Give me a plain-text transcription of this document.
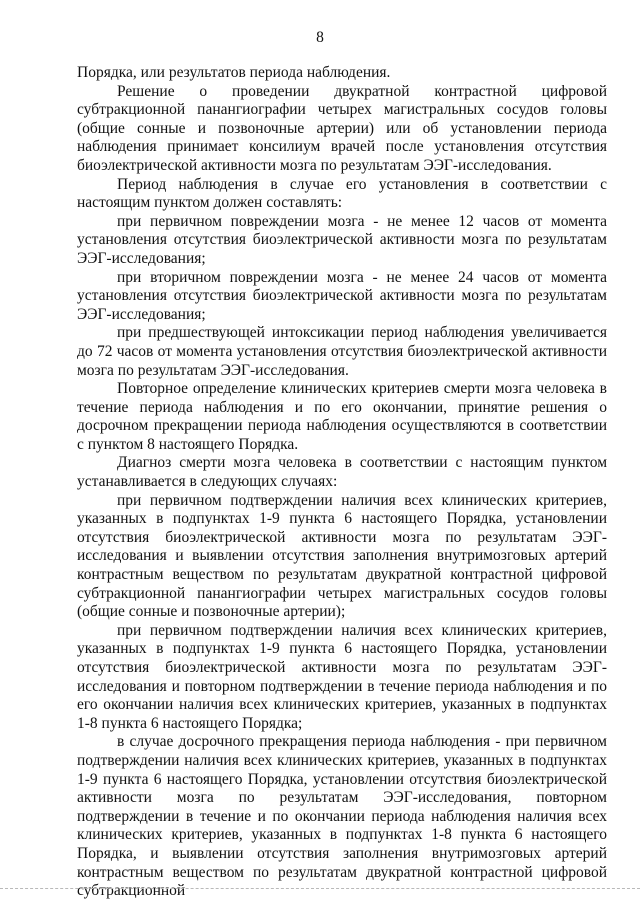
8

Порядка, или результатов периода наблюдения.

Решение о проведении двукратной контрастной цифровой субтракционной панангиографии четырех магистральных сосудов головы (общие сонные и позвоночные артерии) или об установлении периода наблюдения принимает консилиум врачей после установления отсутствия биоэлектрической активности мозга по результатам ЭЭГ-исследования.

Период наблюдения в случае его установления в соответствии с настоящим пунктом должен составлять:

при первичном повреждении мозга - не менее 12 часов от момента установления отсутствия биоэлектрической активности мозга по результатам ЭЭГ-исследования;

при вторичном повреждении мозга - не менее 24 часов от момента установления отсутствия биоэлектрической активности мозга по результатам ЭЭГ-исследования;

при предшествующей интоксикации период наблюдения увеличивается до 72 часов от момента установления отсутствия биоэлектрической активности мозга по результатам ЭЭГ-исследования.

Повторное определение клинических критериев смерти мозга человека в течение периода наблюдения и по его окончании, принятие решения о досрочном прекращении периода наблюдения осуществляются в соответствии с пунктом 8 настоящего Порядка.

Диагноз смерти мозга человека в соответствии с настоящим пунктом устанавливается в следующих случаях:

при первичном подтверждении наличия всех клинических критериев, указанных в подпунктах 1-9 пункта 6 настоящего Порядка, установлении отсутствия биоэлектрической активности мозга по результатам ЭЭГ-исследования и выявлении отсутствия заполнения внутримозговых артерий контрастным веществом по результатам двукратной контрастной цифровой субтракционной панангиографии четырех магистральных сосудов головы (общие сонные и позвоночные артерии);

при первичном подтверждении наличия всех клинических критериев, указанных в подпунктах 1-9 пункта 6 настоящего Порядка, установлении отсутствия биоэлектрической активности мозга по результатам ЭЭГ-исследования и повторном подтверждении в течение периода наблюдения и по его окончании наличия всех клинических критериев, указанных в подпунктах 1-8 пункта 6 настоящего Порядка;

в случае досрочного прекращения периода наблюдения - при первичном подтверждении наличия всех клинических критериев, указанных в подпунктах 1-9 пункта 6 настоящего Порядка, установлении отсутствия биоэлектрической активности мозга по результатам ЭЭГ-исследования, повторном подтверждении в течение и по окончании периода наблюдения наличия всех клинических критериев, указанных в подпунктах 1-8 пункта 6 настоящего Порядка, и выявлении отсутствия заполнения внутримозговых артерий контрастным веществом по результатам двукратной контрастной цифровой субтракционной
